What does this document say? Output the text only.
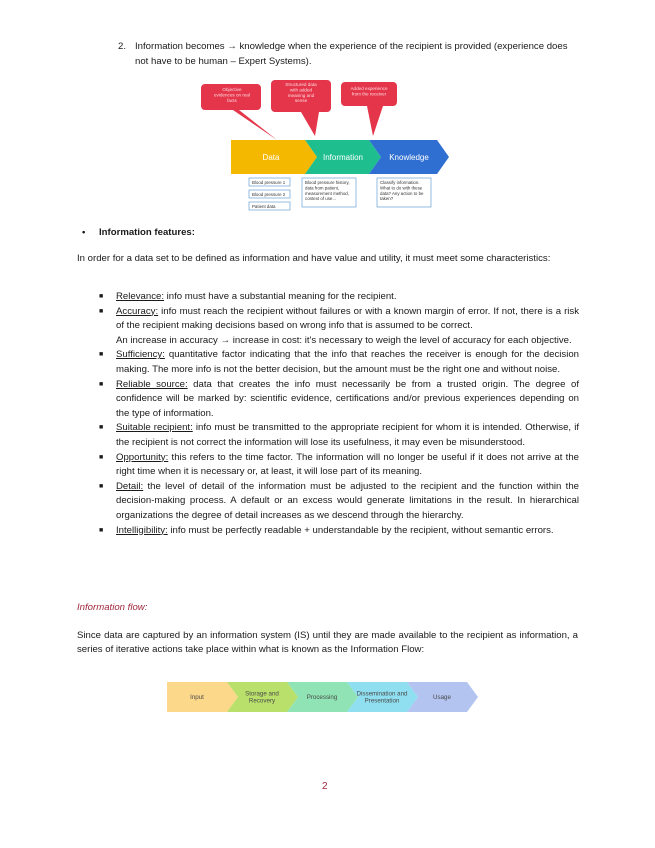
2. Information becomes → knowledge when the experience of the recipient is provided (experience does not have to be human – Expert Systems).
Objective evidences on real facts
Structured data with added meaning and sense
Added experience from the receiver
Data	Information	Knowledge
Blood pressure 1
Blood pressure 2
Patient data
Blood pressure history, data from patient, measurement method, context of use...
Classify information. What to do with these data? Any action to be taken?
• Information features:
In order for a data set to be defined as information and have value and utility, it must meet some characteristics:
■ Relevance: info must have a substantial meaning for the recipient.
■ Accuracy: info must reach the recipient without failures or with a known margin of error. If not, there is a risk of the recipient making decisions based on wrong info that is assumed to be correct.
An increase in accuracy → increase in cost: it's necessary to weigh the level of accuracy for each objective.
■ Sufficiency: quantitative factor indicating that the info that reaches the receiver is enough for the decision making. The more info is not the better decision, but the amount must be the right one and without noise.
■ Reliable source: data that creates the info must necessarily be from a trusted origin. The degree of confidence will be marked by: scientific evidence, certifications and/or previous experiences depending on the type of information.
■ Suitable recipient: info must be transmitted to the appropriate recipient for whom it is intended. Otherwise, if the recipient is not correct the information will lose its usefulness, it may even be misunderstood.
■ Opportunity: this refers to the time factor. The information will no longer be useful if it does not arrive at the right time when it is necessary or, at least, it will lose part of its meaning.
■ Detail: the level of detail of the information must be adjusted to the recipient and the function within the decision-making process. A default or an excess would generate limitations in the result. In hierarchical organizations the degree of detail increases as we descend through the hierarchy.
■ Intelligibility: info must be perfectly readable + understandable by the recipient, without semantic errors.
Information flow:
Since data are captured by an information system (IS) until they are made available to the recipient as information, a series of iterative actions take place within what is known as the Information Flow:
Input
Storage and Recovery
Processing
Dissemination and Presentation
Usage
2
